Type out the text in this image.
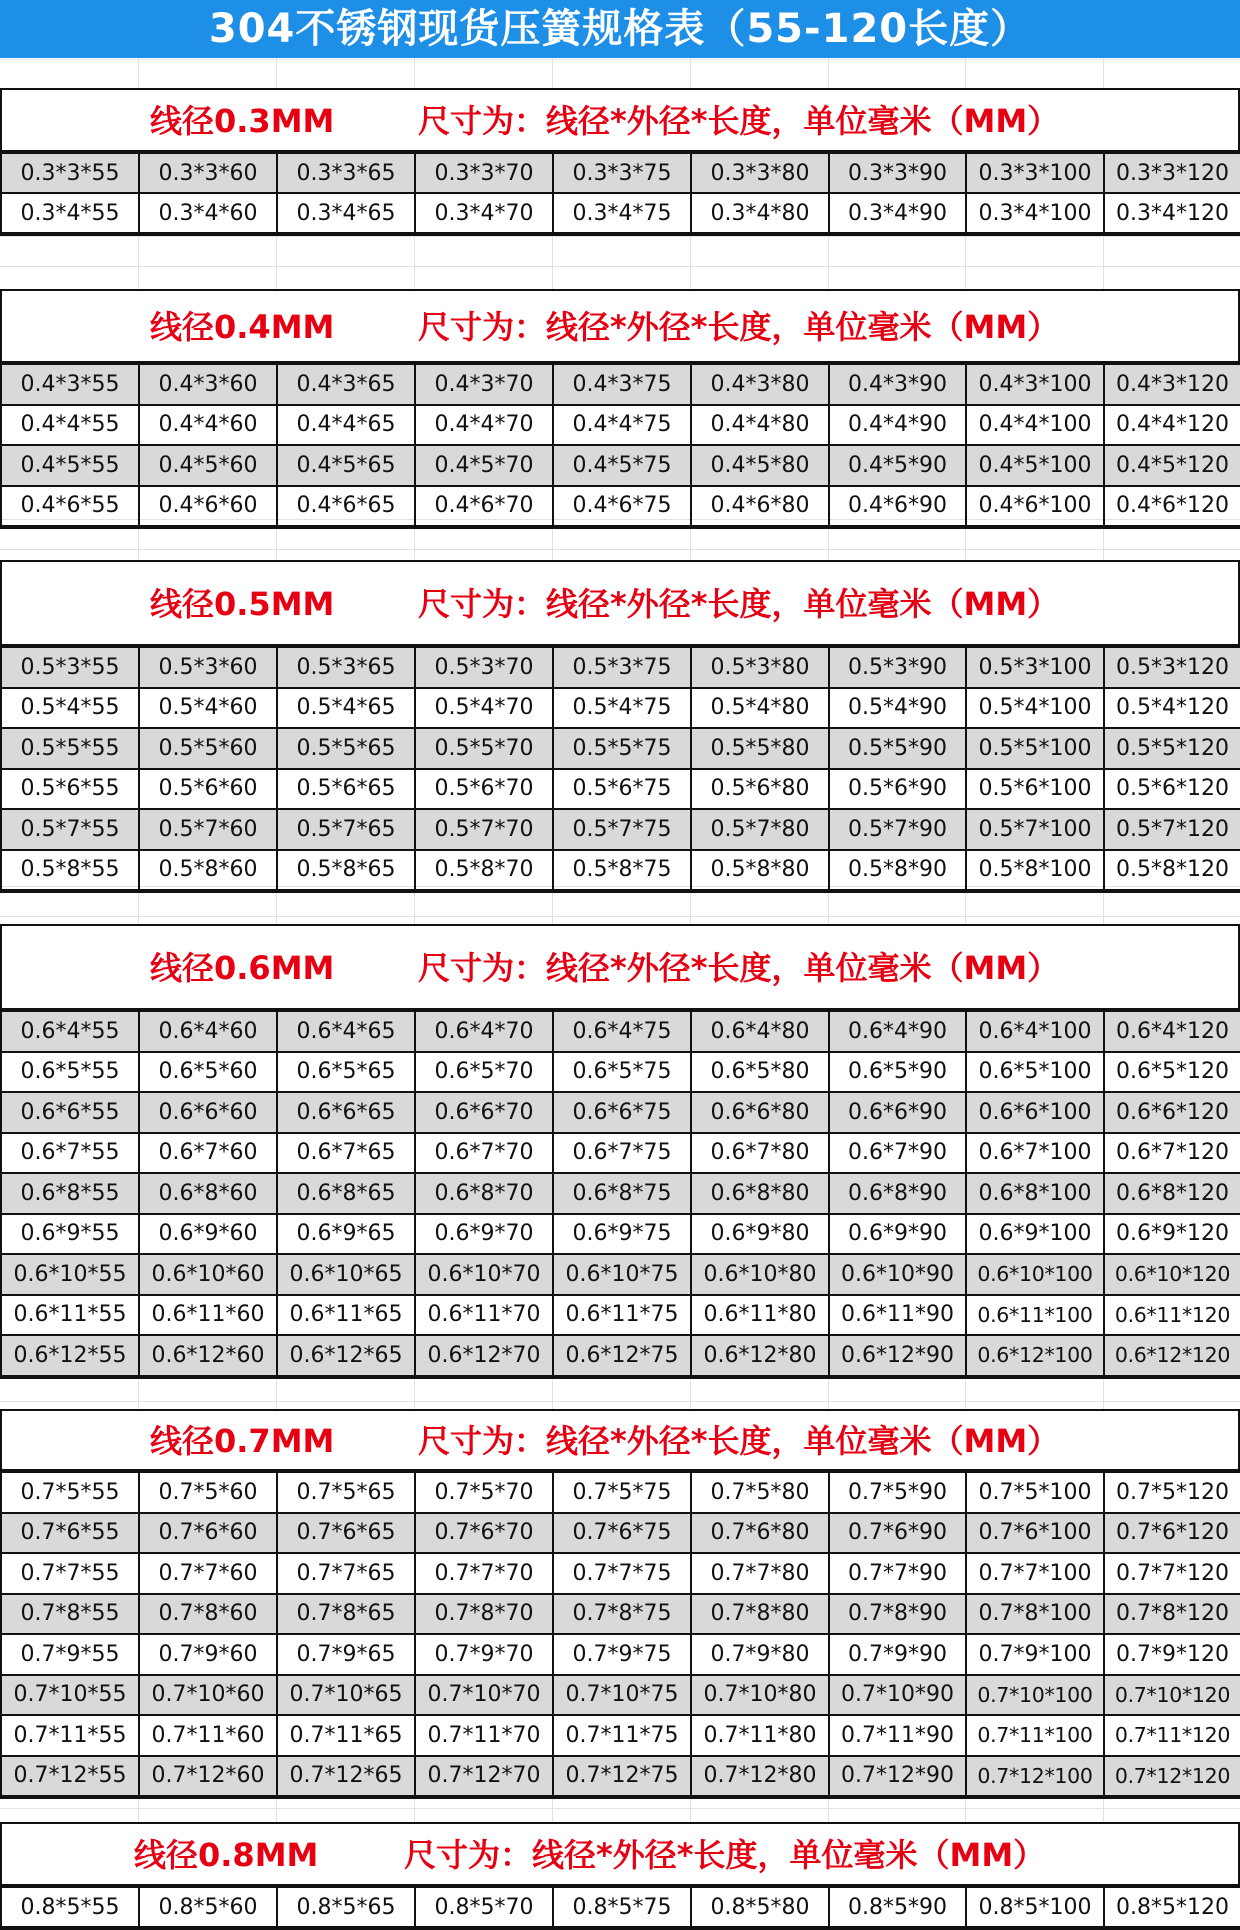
304不锈钢现货压簧规格表（55-120长度）
线径0.3MM	尺寸为：线径*外径*长度，单位毫米（MM）
0.3*3*55	0.3*3*60	0.3*3*65	0.3*3*70	0.3*3*75	0.3*3*80	0.3*3*90	0.3*3*100	0.3*3*120
0.3*4*55	0.3*4*60	0.3*4*65	0.3*4*70	0.3*4*75	0.3*4*80	0.3*4*90	0.3*4*100	0.3*4*120
线径0.4MM	尺寸为：线径*外径*长度，单位毫米（MM）
0.4*3*55	0.4*3*60	0.4*3*65	0.4*3*70	0.4*3*75	0.4*3*80	0.4*3*90	0.4*3*100	0.4*3*120
0.4*4*55	0.4*4*60	0.4*4*65	0.4*4*70	0.4*4*75	0.4*4*80	0.4*4*90	0.4*4*100	0.4*4*120
0.4*5*55	0.4*5*60	0.4*5*65	0.4*5*70	0.4*5*75	0.4*5*80	0.4*5*90	0.4*5*100	0.4*5*120
0.4*6*55	0.4*6*60	0.4*6*65	0.4*6*70	0.4*6*75	0.4*6*80	0.4*6*90	0.4*6*100	0.4*6*120
线径0.5MM	尺寸为：线径*外径*长度，单位毫米（MM）
0.5*3*55	0.5*3*60	0.5*3*65	0.5*3*70	0.5*3*75	0.5*3*80	0.5*3*90	0.5*3*100	0.5*3*120
0.5*4*55	0.5*4*60	0.5*4*65	0.5*4*70	0.5*4*75	0.5*4*80	0.5*4*90	0.5*4*100	0.5*4*120
0.5*5*55	0.5*5*60	0.5*5*65	0.5*5*70	0.5*5*75	0.5*5*80	0.5*5*90	0.5*5*100	0.5*5*120
0.5*6*55	0.5*6*60	0.5*6*65	0.5*6*70	0.5*6*75	0.5*6*80	0.5*6*90	0.5*6*100	0.5*6*120
0.5*7*55	0.5*7*60	0.5*7*65	0.5*7*70	0.5*7*75	0.5*7*80	0.5*7*90	0.5*7*100	0.5*7*120
0.5*8*55	0.5*8*60	0.5*8*65	0.5*8*70	0.5*8*75	0.5*8*80	0.5*8*90	0.5*8*100	0.5*8*120
线径0.6MM	尺寸为：线径*外径*长度，单位毫米（MM）
0.6*4*55	0.6*4*60	0.6*4*65	0.6*4*70	0.6*4*75	0.6*4*80	0.6*4*90	0.6*4*100	0.6*4*120
0.6*5*55	0.6*5*60	0.6*5*65	0.6*5*70	0.6*5*75	0.6*5*80	0.6*5*90	0.6*5*100	0.6*5*120
0.6*6*55	0.6*6*60	0.6*6*65	0.6*6*70	0.6*6*75	0.6*6*80	0.6*6*90	0.6*6*100	0.6*6*120
0.6*7*55	0.6*7*60	0.6*7*65	0.6*7*70	0.6*7*75	0.6*7*80	0.6*7*90	0.6*7*100	0.6*7*120
0.6*8*55	0.6*8*60	0.6*8*65	0.6*8*70	0.6*8*75	0.6*8*80	0.6*8*90	0.6*8*100	0.6*8*120
0.6*9*55	0.6*9*60	0.6*9*65	0.6*9*70	0.6*9*75	0.6*9*80	0.6*9*90	0.6*9*100	0.6*9*120
0.6*10*55	0.6*10*60	0.6*10*65	0.6*10*70	0.6*10*75	0.6*10*80	0.6*10*90	0.6*10*100	0.6*10*120
0.6*11*55	0.6*11*60	0.6*11*65	0.6*11*70	0.6*11*75	0.6*11*80	0.6*11*90	0.6*11*100	0.6*11*120
0.6*12*55	0.6*12*60	0.6*12*65	0.6*12*70	0.6*12*75	0.6*12*80	0.6*12*90	0.6*12*100	0.6*12*120
线径0.7MM	尺寸为：线径*外径*长度，单位毫米（MM）
0.7*5*55	0.7*5*60	0.7*5*65	0.7*5*70	0.7*5*75	0.7*5*80	0.7*5*90	0.7*5*100	0.7*5*120
0.7*6*55	0.7*6*60	0.7*6*65	0.7*6*70	0.7*6*75	0.7*6*80	0.7*6*90	0.7*6*100	0.7*6*120
0.7*7*55	0.7*7*60	0.7*7*65	0.7*7*70	0.7*7*75	0.7*7*80	0.7*7*90	0.7*7*100	0.7*7*120
0.7*8*55	0.7*8*60	0.7*8*65	0.7*8*70	0.7*8*75	0.7*8*80	0.7*8*90	0.7*8*100	0.7*8*120
0.7*9*55	0.7*9*60	0.7*9*65	0.7*9*70	0.7*9*75	0.7*9*80	0.7*9*90	0.7*9*100	0.7*9*120
0.7*10*55	0.7*10*60	0.7*10*65	0.7*10*70	0.7*10*75	0.7*10*80	0.7*10*90	0.7*10*100	0.7*10*120
0.7*11*55	0.7*11*60	0.7*11*65	0.7*11*70	0.7*11*75	0.7*11*80	0.7*11*90	0.7*11*100	0.7*11*120
0.7*12*55	0.7*12*60	0.7*12*65	0.7*12*70	0.7*12*75	0.7*12*80	0.7*12*90	0.7*12*100	0.7*12*120
线径0.8MM	尺寸为：线径*外径*长度，单位毫米（MM）
0.8*5*55	0.8*5*60	0.8*5*65	0.8*5*70	0.8*5*75	0.8*5*80	0.8*5*90	0.8*5*100	0.8*5*120
